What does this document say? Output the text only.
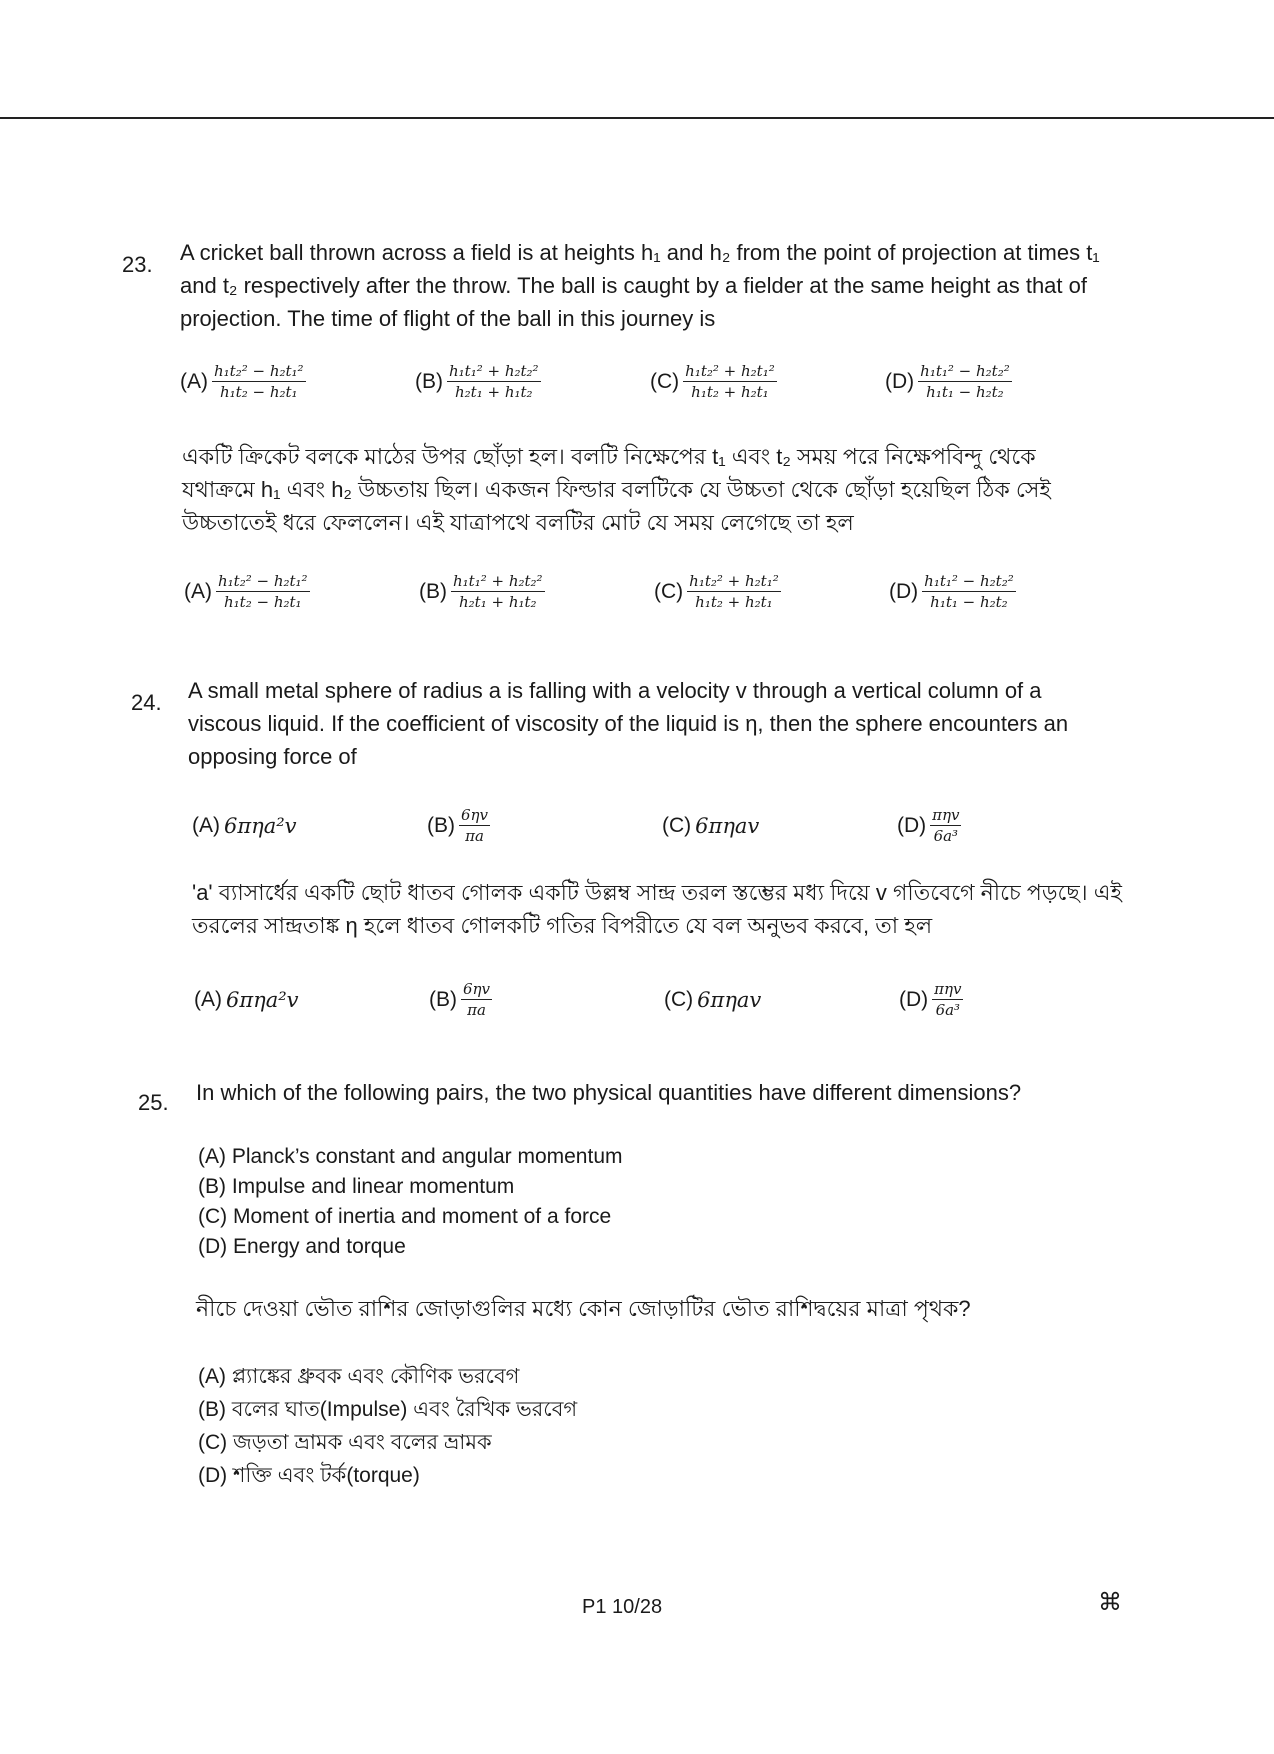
23. A cricket ball thrown across a field is at heights h₁ and h₂ from the point of projection at times t₁ and t₂ respectively after the throw. The ball is caught by a fielder at the same height as that of projection. The time of flight of the ball in this journey is
$(A) \frac{\text{h₁t₂² − h₂t₁²}}{\text{h₁t₂ − h₂t₁}}$	$(B) \frac{\text{h₁t₁² + h₂t₂²}}{\text{h₂t₁ + h₁t₂}}$	$(C) \frac{\text{h₁t₂² + h₂t₁²}}{\text{h₁t₂ + h₂t₁}}$	$(D) \frac{\text{h₁t₁² − h₂t₂²}}{\text{h₁t₁ − h₂t₂}}$
একটি ক্রিকেট বলকে মাঠের উপর ছোঁড়া হল। বলটি নিক্ষেপের t₁ এবং t₂ সময় পরে নিক্ষেপবিন্দু থেকে যথাক্রমে h₁ এবং h₂ উচ্চতায় ছিল। একজন ফিল্ডার বলটিকে যে উচ্চতা থেকে ছোঁড়া হয়েছিল ঠিক সেই উচ্চতাতেই ধরে ফেললেন। এই যাত্রাপথে বলটির মোট যে সময় লেগেছে তা হল
$(A) \frac{\text{h₁t₂² − h₂t₁²}}{\text{h₁t₂ − h₂t₁}}$	$(B) \frac{\text{h₁t₁² + h₂t₂²}}{\text{h₂t₁ + h₁t₂}}$	$(C) \frac{\text{h₁t₂² + h₂t₁²}}{\text{h₁t₂ + h₂t₁}}$	$(D) \frac{\text{h₁t₁² − h₂t₂²}}{\text{h₁t₁ − h₂t₂}}$
24. A small metal sphere of radius a is falling with a velocity v through a vertical column of a viscous liquid. If the coefficient of viscosity of the liquid is η, then the sphere encounters an opposing force of
(A) 6πηa²v	$(B) \frac{6\eta v}{\pi a}$	(C) 6πηav	$(D) \frac{\text{πηv}}{\text{6a³}}$
'a' ব্যাসার্ধের একটি ছোট ধাতব গোলক একটি উল্লম্ব সান্দ্র তরল স্তম্ভের মধ্য দিয়ে v গতিবেগে নীচে পড়ছে। এই তরলের সান্দ্রতাঙ্ক η হলে ধাতব গোলকটি গতির বিপরীতে যে বল অনুভব করবে, তা হল
(A) 6πηa²v	$(B) \frac{6\eta v}{\pi a}$	(C) 6πηav	$(D) \frac{\text{πηv}}{\text{6a³}}$
25. In which of the following pairs, the two physical quantities have different dimensions?
(A) Planck’s constant and angular momentum
(B) Impulse and linear momentum
(C) Moment of inertia and moment of a force
(D) Energy and torque
নীচে দেওয়া ভৌত রাশির জোড়াগুলির মধ্যে কোন জোড়াটির ভৌত রাশিদ্বয়ের মাত্রা পৃথক?
(A) প্ল্যাঙ্কের ধ্রুবক এবং কৌণিক ভরবেগ
(B) বলের ঘাত(Impulse) এবং রৈখিক ভরবেগ
(C) জড়তা ভ্রামক এবং বলের ভ্রামক
(D) শক্তি এবং টর্ক(torque)
P1 10/28	⌘
